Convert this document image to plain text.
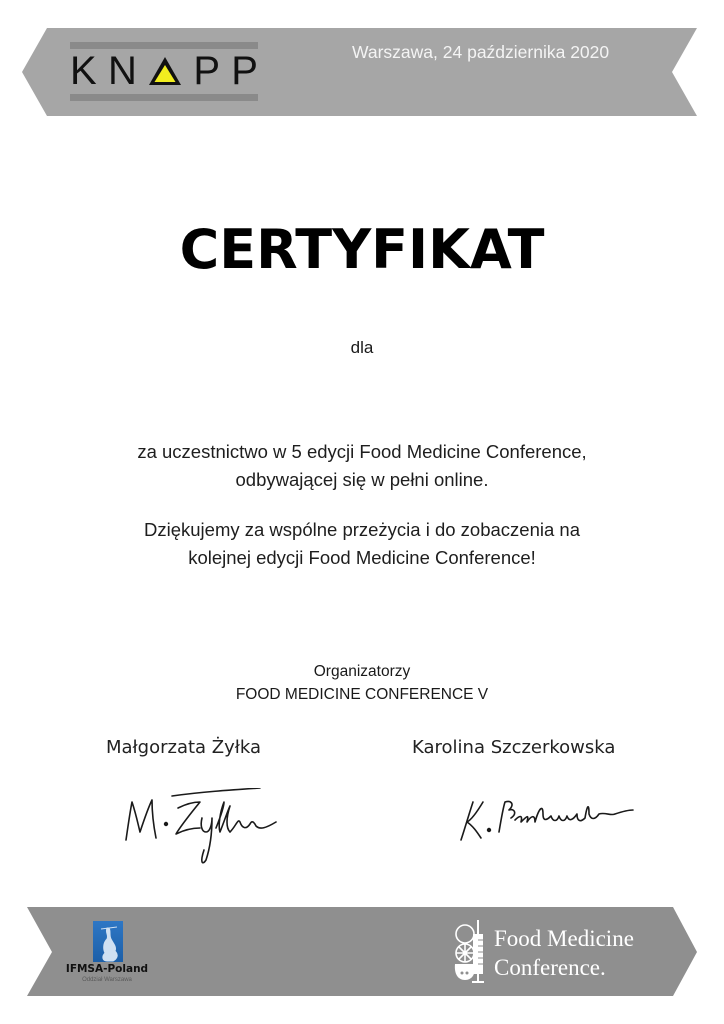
K N P P	Warszawa, 24 października 2020
CERTYFIKAT
dla
za uczestnictwo w 5 edycji Food Medicine Conference,
odbywającej się w pełni online.
Dziękujemy za wspólne przeżycia i do zobaczenia na
kolejnej edycji Food Medicine Conference!
Organizatorzy
FOOD MEDICINE CONFERENCE V
Małgorzata Żyłka	Karolina Szczerkowska
IFMSA-Poland
Oddział Warszawa
Food Medicine
Conference.
